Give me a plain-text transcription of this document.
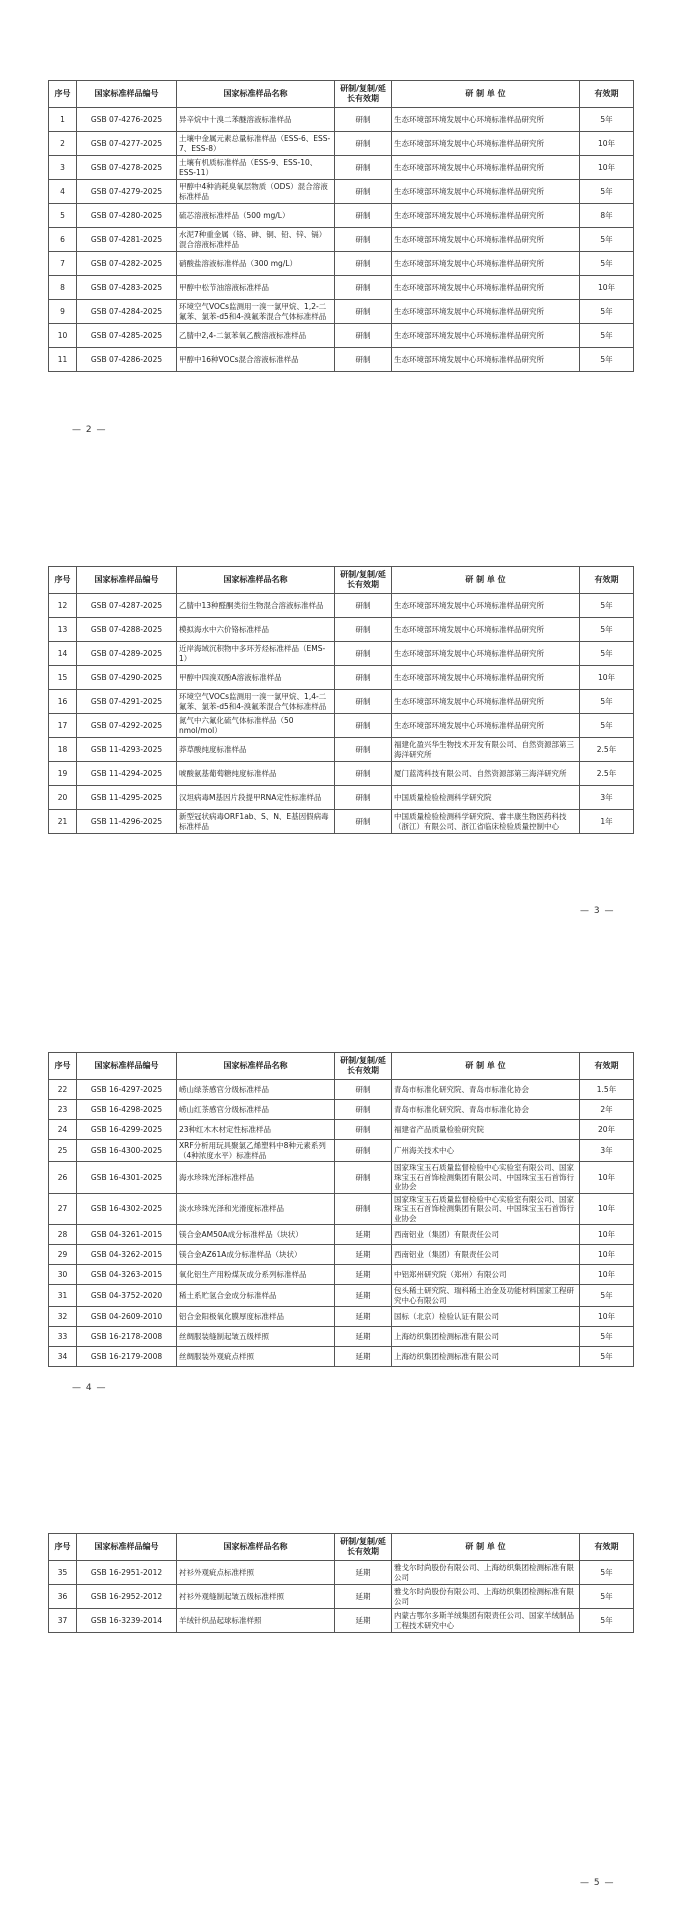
序号	国家标准样品编号	国家标准样品名称	研制/复制/延长有效期	研 制 单 位	有效期
1	GSB 07-4276-2025	异辛烷中十溴二苯醚溶液标准样品	研制	生态环境部环境发展中心环境标准样品研究所	5年
2	GSB 07-4277-2025	土壤中金属元素总量标准样品（ESS-6、ESS-7、ESS-8）	研制	生态环境部环境发展中心环境标准样品研究所	10年
3	GSB 07-4278-2025	土壤有机质标准样品（ESS-9、ESS-10、ESS-11）	研制	生态环境部环境发展中心环境标准样品研究所	10年
4	GSB 07-4279-2025	甲醇中4种消耗臭氧层物质（ODS）混合溶液标准样品	研制	生态环境部环境发展中心环境标准样品研究所	5年
5	GSB 07-4280-2025	硫芯溶液标准样品（500 mg/L）	研制	生态环境部环境发展中心环境标准样品研究所	8年
6	GSB 07-4281-2025	水泥7种重金属（铬、砷、铜、铅、锌、镉）混合溶液标准样品	研制	生态环境部环境发展中心环境标准样品研究所	5年
7	GSB 07-4282-2025	硝酸盐溶液标准样品（300 mg/L）	研制	生态环境部环境发展中心环境标准样品研究所	5年
8	GSB 07-4283-2025	甲醇中松节油溶液标准样品	研制	生态环境部环境发展中心环境标准样品研究所	10年
9	GSB 07-4284-2025	环境空气VOCs监测用一溴一氯甲烷、1,2-二氟苯、氯苯-d5和4-溴氟苯混合气体标准样品	研制	生态环境部环境发展中心环境标准样品研究所	5年
10	GSB 07-4285-2025	乙腈中2,4-二氯苯氧乙酸溶液标准样品	研制	生态环境部环境发展中心环境标准样品研究所	5年
11	GSB 07-4286-2025	甲醇中16种VOCs混合溶液标准样品	研制	生态环境部环境发展中心环境标准样品研究所	5年
— 2 —
序号	国家标准样品编号	国家标准样品名称	研制/复制/延长有效期	研 制 单 位	有效期
12	GSB 07-4287-2025	乙腈中13种醛酮类衍生物混合溶液标准样品	研制	生态环境部环境发展中心环境标准样品研究所	5年
13	GSB 07-4288-2025	模拟海水中六价铬标准样品	研制	生态环境部环境发展中心环境标准样品研究所	5年
14	GSB 07-4289-2025	近岸海域沉积物中多环芳烃标准样品（EMS-1）	研制	生态环境部环境发展中心环境标准样品研究所	5年
15	GSB 07-4290-2025	甲醇中四溴双酚A溶液标准样品	研制	生态环境部环境发展中心环境标准样品研究所	10年
16	GSB 07-4291-2025	环境空气VOCs监测用一溴一氯甲烷、1,4-二氟苯、氯苯-d5和4-溴氟苯混合气体标准样品	研制	生态环境部环境发展中心环境标准样品研究所	5年
17	GSB 07-4292-2025	氮气中六氟化硫气体标准样品（50 nmol/mol）	研制	生态环境部环境发展中心环境标准样品研究所	5年
18	GSB 11-4293-2025	莽草酸纯度标准样品	研制	福建化盈兴华生物技术开发有限公司、自然资源部第三海洋研究所	2.5年
19	GSB 11-4294-2025	唬酸氨基葡萄糖纯度标准样品	研制	厦门蓝湾科技有限公司、自然资源部第三海洋研究所	2.5年
20	GSB 11-4295-2025	汉坦病毒M基因片段提甲RNA定性标准样品	研制	中国质量检验检测科学研究院	3年
21	GSB 11-4296-2025	新型冠状病毒ORF1ab、S、N、E基因假病毒标准样品	研制	中国质量检验检测科学研究院、睿丰康生物医药科技（浙江）有限公司、浙江省临床检验质量控制中心	1年
— 3 —
序号	国家标准样品编号	国家标准样品名称	研制/复制/延长有效期	研 制 单 位	有效期
22	GSB 16-4297-2025	崂山绿茶感官分级标准样品	研制	青岛市标准化研究院、青岛市标准化协会	1.5年
23	GSB 16-4298-2025	崂山红茶感官分级标准样品	研制	青岛市标准化研究院、青岛市标准化协会	2年
24	GSB 16-4299-2025	23种红木木材定性标准样品	研制	福建省产品质量检验研究院	20年
25	GSB 16-4300-2025	XRF分析用玩具聚氯乙烯塑料中8种元素系列（4种浓度水平）标准样品	研制	广州海关技术中心	3年
26	GSB 16-4301-2025	海水珍珠光泽标准样品	研制	国家珠宝玉石质量监督检验中心实验室有限公司、国家珠宝玉石首饰检测集团有限公司、中国珠宝玉石首饰行业协会	10年
27	GSB 16-4302-2025	淡水珍珠光泽和光滑度标准样品	研制	国家珠宝玉石质量监督检验中心实验室有限公司、国家珠宝玉石首饰检测集团有限公司、中国珠宝玉石首饰行业协会	10年
28	GSB 04-3261-2015	镁合金AM50A成分标准样品（块状）	延期	西南铝业（集团）有限责任公司	10年
29	GSB 04-3262-2015	镁合金AZ61A成分标准样品（块状）	延期	西南铝业（集团）有限责任公司	10年
30	GSB 04-3263-2015	氧化铝生产用粉煤灰成分系列标准样品	延期	中铝郑州研究院（郑州）有限公司	10年
31	GSB 04-3752-2020	稀土系贮氢合金成分标准样品	延期	包头稀土研究院、瑞科稀土冶金及功能材料国家工程研究中心有限公司	5年
32	GSB 04-2609-2010	铝合金阳极氧化膜厚度标准样品	延期	国标（北京）检验认证有限公司	10年
33	GSB 16-2178-2008	丝绸服装缝制起皱五级样照	延期	上海纺织集团检测标准有限公司	5年
34	GSB 16-2179-2008	丝绸服装外观疵点样照	延期	上海纺织集团检测标准有限公司	5年
— 4 —
序号	国家标准样品编号	国家标准样品名称	研制/复制/延长有效期	研 制 单 位	有效期
35	GSB 16-2951-2012	衬衫外观疵点标准样照	延期	雅戈尔时尚股份有限公司、上海纺织集团检测标准有限公司	5年
36	GSB 16-2952-2012	衬衫外观缝制起皱五级标准样照	延期	雅戈尔时尚股份有限公司、上海纺织集团检测标准有限公司	5年
37	GSB 16-3239-2014	羊绒针织品起球标准样照	延期	内蒙古鄂尔多斯羊绒集团有限责任公司、国家羊绒制品工程技术研究中心	5年
— 5 —
